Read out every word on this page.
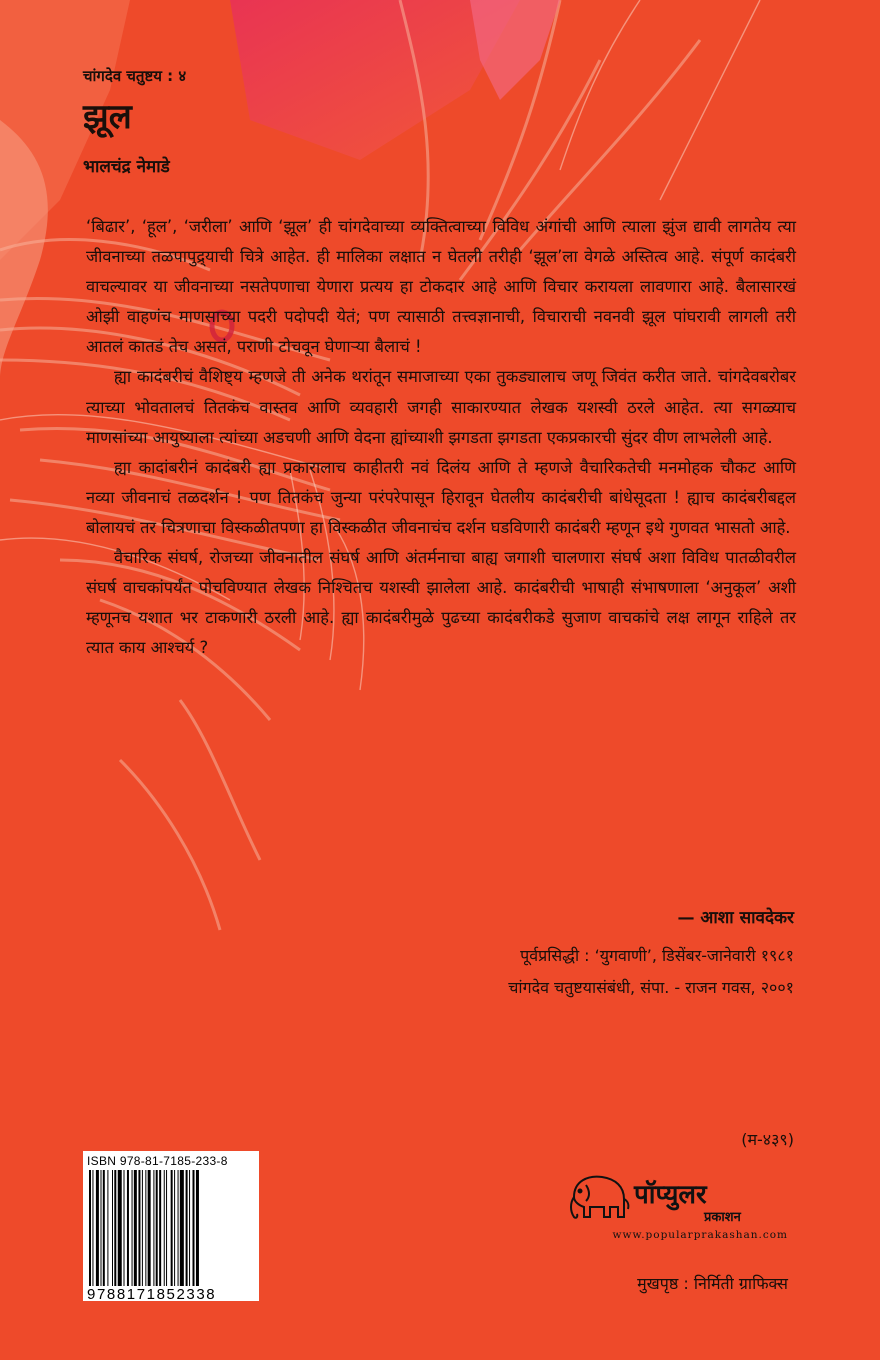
चांगदेव चतुष्टय : ४
झूल
भालचंद्र नेमाडे

‘बिढार’, ‘हूल’, ‘जरीला’ आणि ‘झूल’ ही चांगदेवाच्या व्यक्तित्वाच्या विविध अंगांची आणि त्याला झुंज द्यावी लागतेय त्या जीवनाच्या तळपापुद्र्याची चित्रे आहेत. ही मालिका लक्षात न घेतली तरीही ‘झूल’ला वेगळे अस्तित्व आहे. संपूर्ण कादंबरी वाचल्यावर या जीवनाच्या नसतेपणाचा येणारा प्रत्यय हा टोकदार आहे आणि विचार करायला लावणारा आहे. बैलासारखं ओझी वाहणंच माणसाच्या पदरी पदोपदी येतं; पण त्यासाठी तत्त्वज्ञानाची, विचाराची नवनवी झूल पांघरावी लागली तरी आतलं कातडं तेच असतं, पराणी टोचवून घेणाऱ्या बैलाचं !

ह्या कादंबरीचं वैशिष्ट्य म्हणजे ती अनेक थरांतून समाजाच्या एका तुकड्यालाच जणू जिवंत करीत जाते. चांगदेवबरोबर त्याच्या भोवतालचं तितकंच वास्तव आणि व्यवहारी जगही साकारण्यात लेखक यशस्वी ठरले आहेत. त्या सगळ्याच माणसांच्या आयुष्याला त्यांच्या अडचणी आणि वेदना ह्यांच्याशी झगडता झगडता एकप्रकारची सुंदर वीण लाभलेली आहे.

ह्या कादांबरीनं कादंबरी ह्या प्रकारालाच काहीतरी नवं दिलंय आणि ते म्हणजे वैचारिकतेची मनमोहक चौकट आणि नव्या जीवनाचं तळदर्शन ! पण तितकंच जुन्या परंपरेपासून हिरावून घेतलीय कादंबरीची बांधेसूदता ! ह्याच कादंबरीबद्दल बोलायचं तर चित्रणाचा विस्कळीतपणा हा विस्कळीत जीवनाचंच दर्शन घडविणारी कादंबरी म्हणून इथे गुणवत भासतो आहे.

वैचारिक संघर्ष, रोजच्या जीवनातील संघर्ष आणि अंतर्मनाचा बाह्य जगाशी चालणारा संघर्ष अशा विविध पातळीवरील संघर्ष वाचकांपर्यंत पोचविण्यात लेखक निश्चितच यशस्वी झालेला आहे. कादंबरीची भाषाही संभाषणाला ‘अनुकूल’ अशी म्हणूनच यशात भर टाकणारी ठरली आहे. ह्या कादंबरीमुळे पुढच्या कादंबरीकडे सुजाण वाचकांचे लक्ष लागून राहिले तर त्यात काय आश्चर्य ?

— आशा सावदेकर
पूर्वप्रसिद्धी : ‘युगवाणी’, डिसेंबर-जानेवारी १९८१
चांगदेव चतुष्टयासंबंधी, संपा. - राजन गवस, २००१
(म-४३९)
ISBN 978-81-7185-233-8
9788171852338
पॉप्युलर
प्रकाशन
www.popularprakashan.com
मुखपृष्ठ : निर्मिती ग्राफिक्स
